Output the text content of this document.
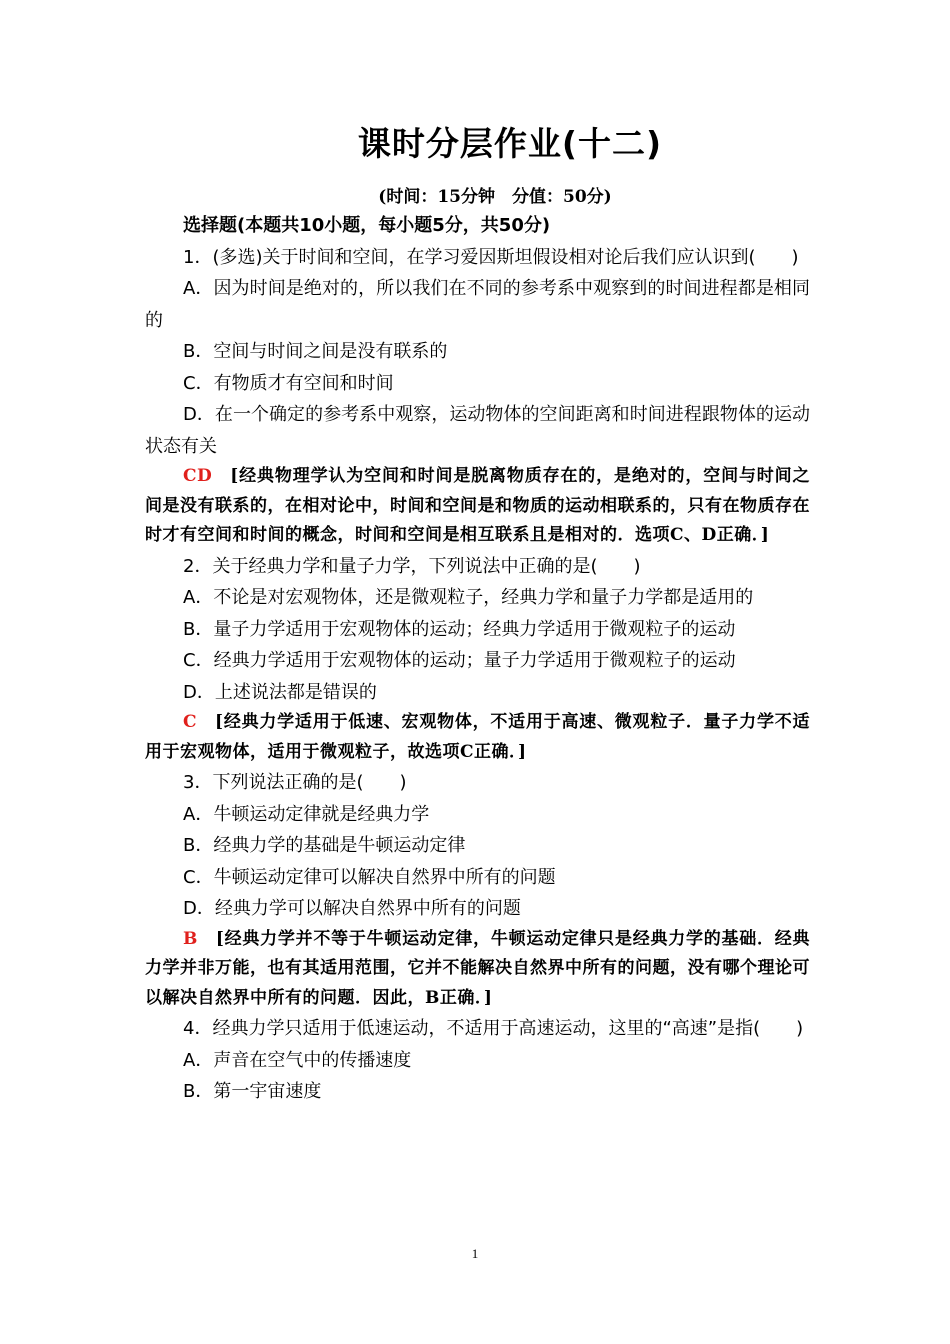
课时分层作业(十二)
(时间：15分钟　分值：50分)

选择题(本题共10小题，每小题5分，共50分)

1．(多选)关于时间和空间，在学习爱因斯坦假设相对论后我们应认识到(　　)

A．因为时间是绝对的，所以我们在不同的参考系中观察到的时间进程都是相同的

B．空间与时间之间是没有联系的

C．有物质才有空间和时间

D．在一个确定的参考系中观察，运动物体的空间距离和时间进程跟物体的运动状态有关

CD [经典物理学认为空间和时间是脱离物质存在的，是绝对的，空间与时间之间是没有联系的，在相对论中，时间和空间是和物质的运动相联系的，只有在物质存在时才有空间和时间的概念，时间和空间是相互联系且是相对的．选项C、D正确．]

2．关于经典力学和量子力学，下列说法中正确的是(　　)

A．不论是对宏观物体，还是微观粒子，经典力学和量子力学都是适用的

B．量子力学适用于宏观物体的运动；经典力学适用于微观粒子的运动

C．经典力学适用于宏观物体的运动；量子力学适用于微观粒子的运动

D．上述说法都是错误的

C [经典力学适用于低速、宏观物体，不适用于高速、微观粒子．量子力学不适用于宏观物体，适用于微观粒子，故选项C正确．]

3．下列说法正确的是(　　)

A．牛顿运动定律就是经典力学

B．经典力学的基础是牛顿运动定律

C．牛顿运动定律可以解决自然界中所有的问题

D．经典力学可以解决自然界中所有的问题

B [经典力学并不等于牛顿运动定律，牛顿运动定律只是经典力学的基础．经典力学并非万能，也有其适用范围，它并不能解决自然界中所有的问题，没有哪个理论可以解决自然界中所有的问题．因此，B正确．]

4．经典力学只适用于低速运动，不适用于高速运动，这里的“高速”是指(　　)

A．声音在空气中的传播速度

B．第一宇宙速度

1
